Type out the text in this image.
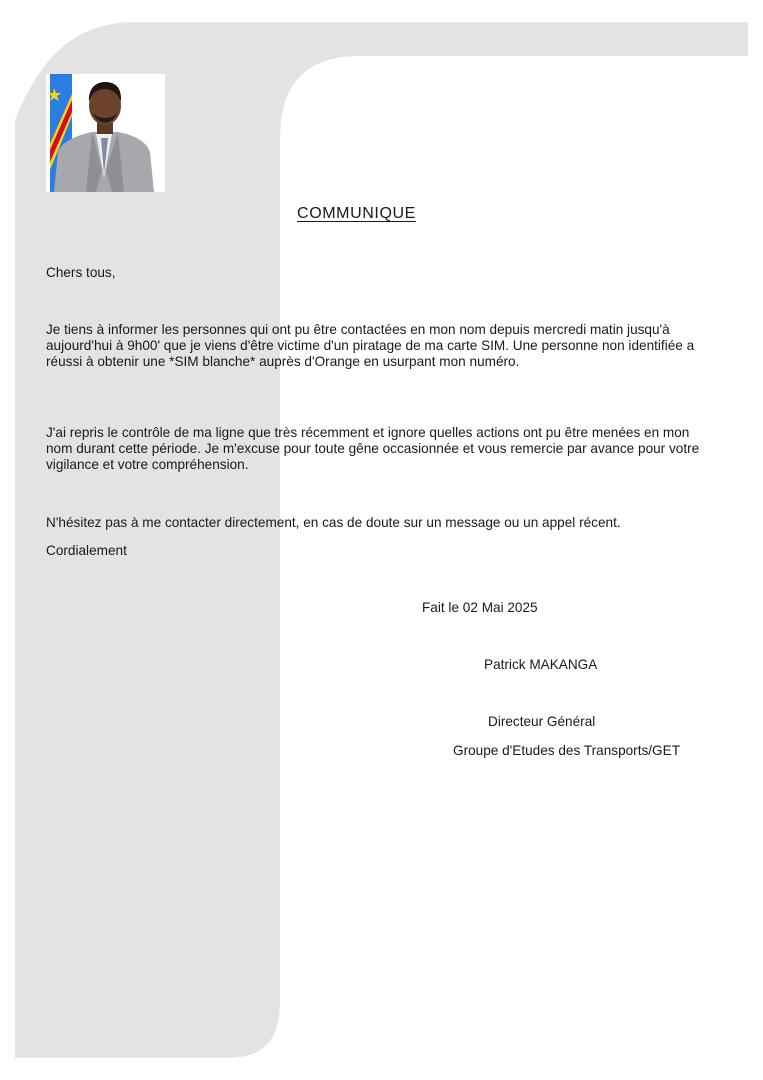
COMMUNIQUE
Chers tous,
Je tiens à informer les personnes qui ont pu être contactées en mon nom depuis mercredi matin jusqu'à aujourd'hui à 9h00' que je viens d'être victime d'un piratage de ma carte SIM. Une personne non identifiée a réussi à obtenir une *SIM blanche* auprès d'Orange en usurpant mon numéro.
J'ai repris le contrôle de ma ligne que très récemment et ignore quelles actions ont pu être menées en mon nom durant cette période. Je m'excuse pour toute gêne occasionnée et vous remercie par avance pour votre vigilance et votre compréhension.
N'hésitez pas à me contacter directement, en cas de doute sur un message ou un appel récent.
Cordialement
Fait le 02 Mai 2025
Patrick MAKANGA
Directeur Général
Groupe d'Etudes des Transports/GET
